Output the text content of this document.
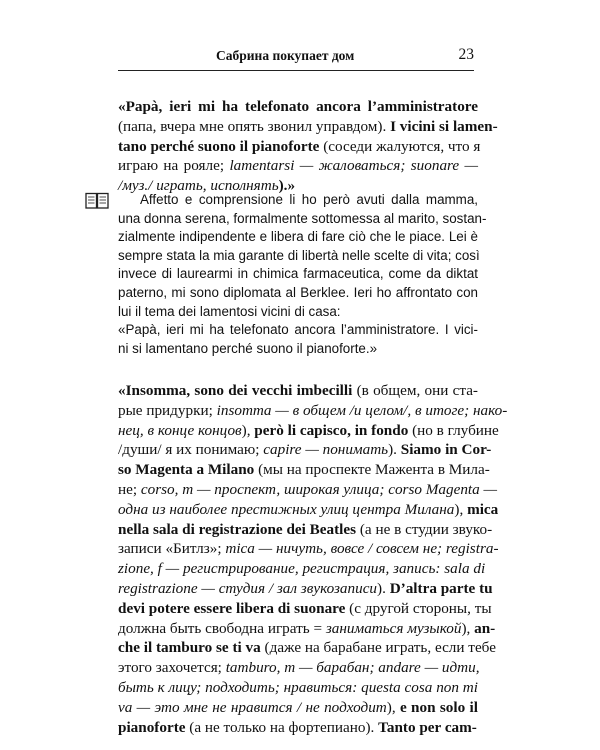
Сабрина покупает дом	23
«Papà, ieri mi ha telefonato ancora l’amministratore
(папа, вчера мне опять звонил управдом). I vicini si lamen-
tano perché suono il pianoforte (соседи жалуются, что я
играю на рояле; lamentarsi — жаловаться; suonare —
/муз./ играть, исполнять).»
Affetto e comprensione li ho però avuti dalla mamma,
una donna serena, formalmente sottomessa al marito, sostan-
zialmente indipendente e libera di fare ciò che le piace. Lei è
sempre stata la mia garante di libertà nelle scelte di vita; così
invece di laurearmi in chimica farmaceutica, come da diktat
paterno, mi sono diplomata al Berklee. Ieri ho affrontato con
lui il tema dei lamentosi vicini di casa:
«Papà, ieri mi ha telefonato ancora l’amministratore. I vici-
ni si lamentano perché suono il pianoforte.»
«Insomma, sono dei vecchi imbecilli (в общем, они ста-
рые придурки; insomma — в общем /и целом/, в итоге; нако-
нец, в конце концов), però li capisco, in fondo (но в глубине
/души/ я их понимаю; capire — понимать). Siamo in Cor-
so Magenta a Milano (мы на проспекте Мажента в Мила-
не; corso, m — проспект, широкая улица; corso Magenta —
одна из наиболее престижных улиц центра Милана), mica
nella sala di registrazione dei Beatles (а не в студии звуко-
записи «Битлз»; mica — ничуть, вовсе / совсем не; registra-
zione, f — регистрирование, регистрация, запись: sala di
registrazione — студия / зал звукозаписи). D’altra parte tu
devi potere essere libera di suonare (с другой стороны, ты
должна быть свободна играть = заниматься музыкой), an-
che il tamburo se ti va (даже на барабане играть, если тебе
этого захочется; tamburo, m — барабан; andare — идти,
быть к лицу; подходить; нравиться: questa cosa non mi
va — это мне не нравится / не подходит), e non solo il
pianoforte (а не только на фортепиано). Tanto per cam-
